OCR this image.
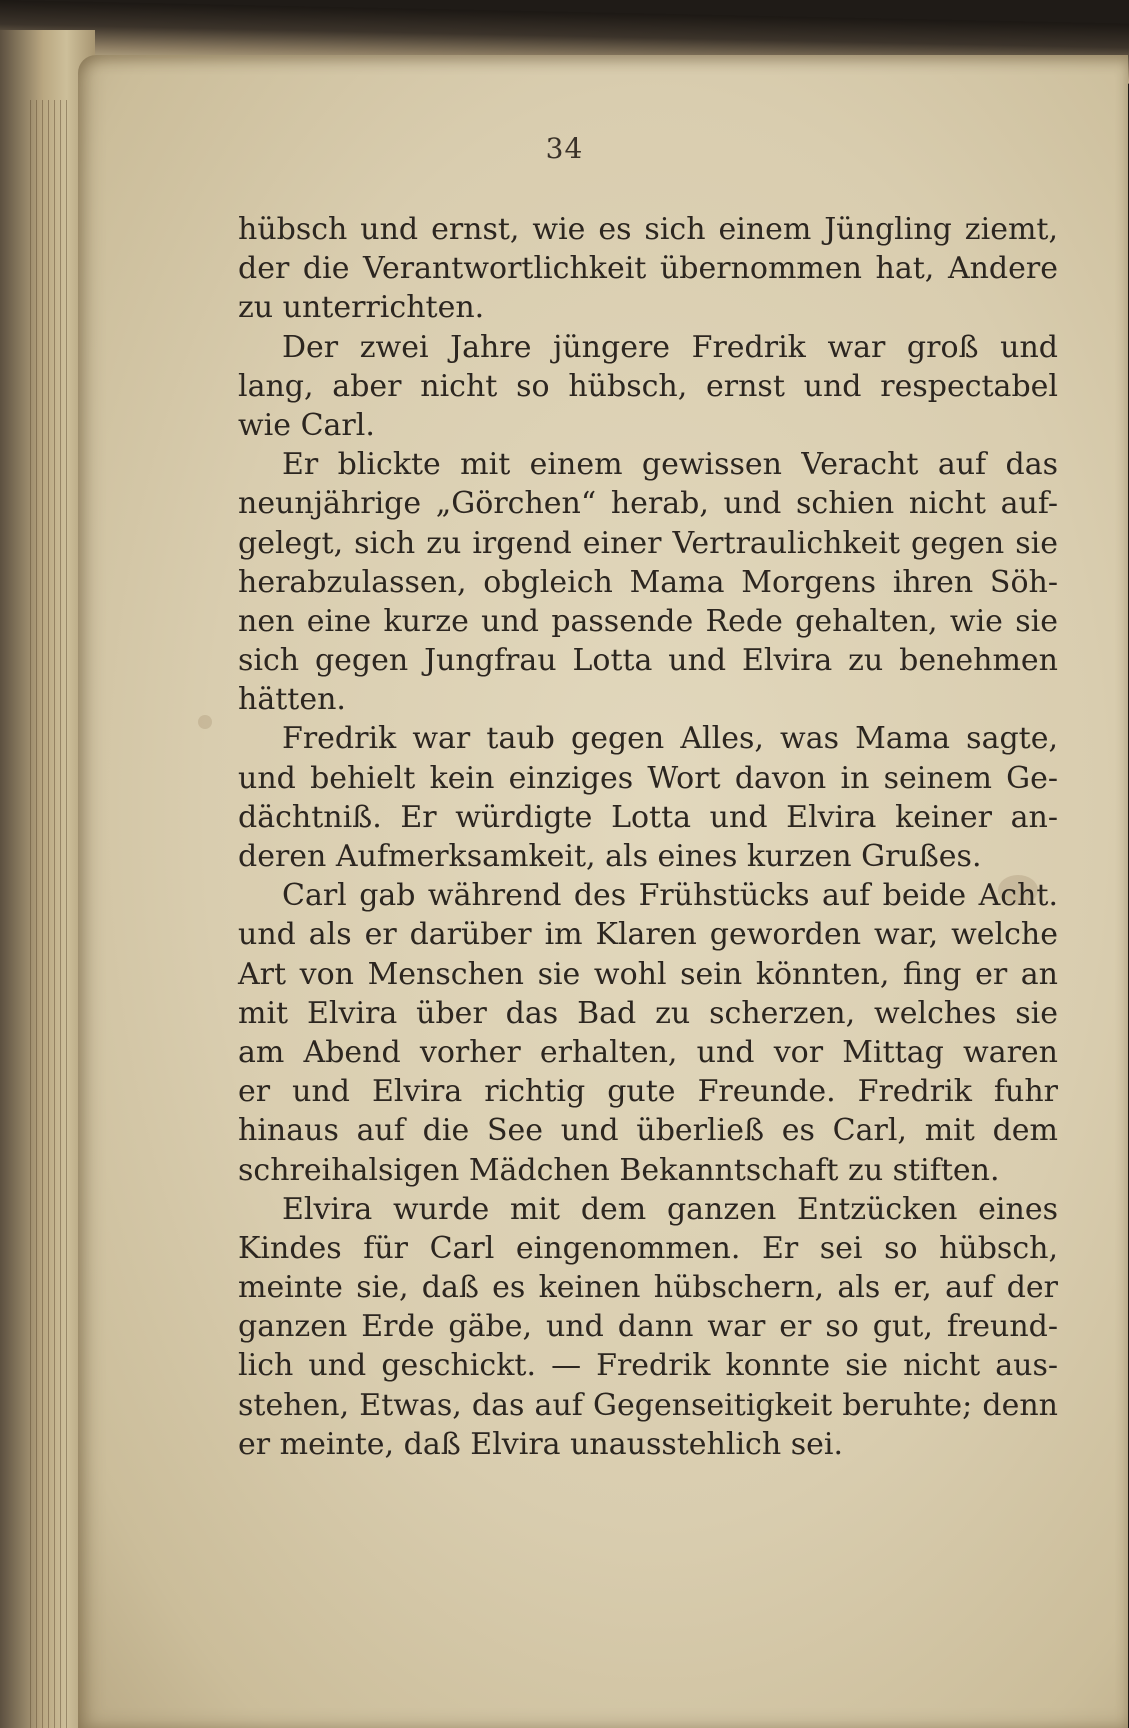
34
hübsch und ernst, wie es sich einem Jüngling ziemt,
der die Verantwortlichkeit übernommen hat, Andere
zu unterrichten.
Der zwei Jahre jüngere Fredrik war groß und
lang, aber nicht so hübsch, ernst und respectabel
wie Carl.
Er blickte mit einem gewissen Veracht auf das
neunjährige „Görchen“ herab, und schien nicht auf-
gelegt, sich zu irgend einer Vertraulichkeit gegen sie
herabzulassen, obgleich Mama Morgens ihren Söh-
nen eine kurze und passende Rede gehalten, wie sie
sich gegen Jungfrau Lotta und Elvira zu benehmen
hätten.
Fredrik war taub gegen Alles, was Mama sagte,
und behielt kein einziges Wort davon in seinem Ge-
dächtniß. Er würdigte Lotta und Elvira keiner an-
deren Aufmerksamkeit, als eines kurzen Grußes.
Carl gab während des Frühstücks auf beide Acht.
und als er darüber im Klaren geworden war, welche
Art von Menschen sie wohl sein könnten, fing er an
mit Elvira über das Bad zu scherzen, welches sie
am Abend vorher erhalten, und vor Mittag waren
er und Elvira richtig gute Freunde. Fredrik fuhr
hinaus auf die See und überließ es Carl, mit dem
schreihalsigen Mädchen Bekanntschaft zu stiften.
Elvira wurde mit dem ganzen Entzücken eines
Kindes für Carl eingenommen. Er sei so hübsch,
meinte sie, daß es keinen hübschern, als er, auf der
ganzen Erde gäbe, und dann war er so gut, freund-
lich und geschickt. — Fredrik konnte sie nicht aus-
stehen, Etwas, das auf Gegenseitigkeit beruhte; denn
er meinte, daß Elvira unausstehlich sei.
